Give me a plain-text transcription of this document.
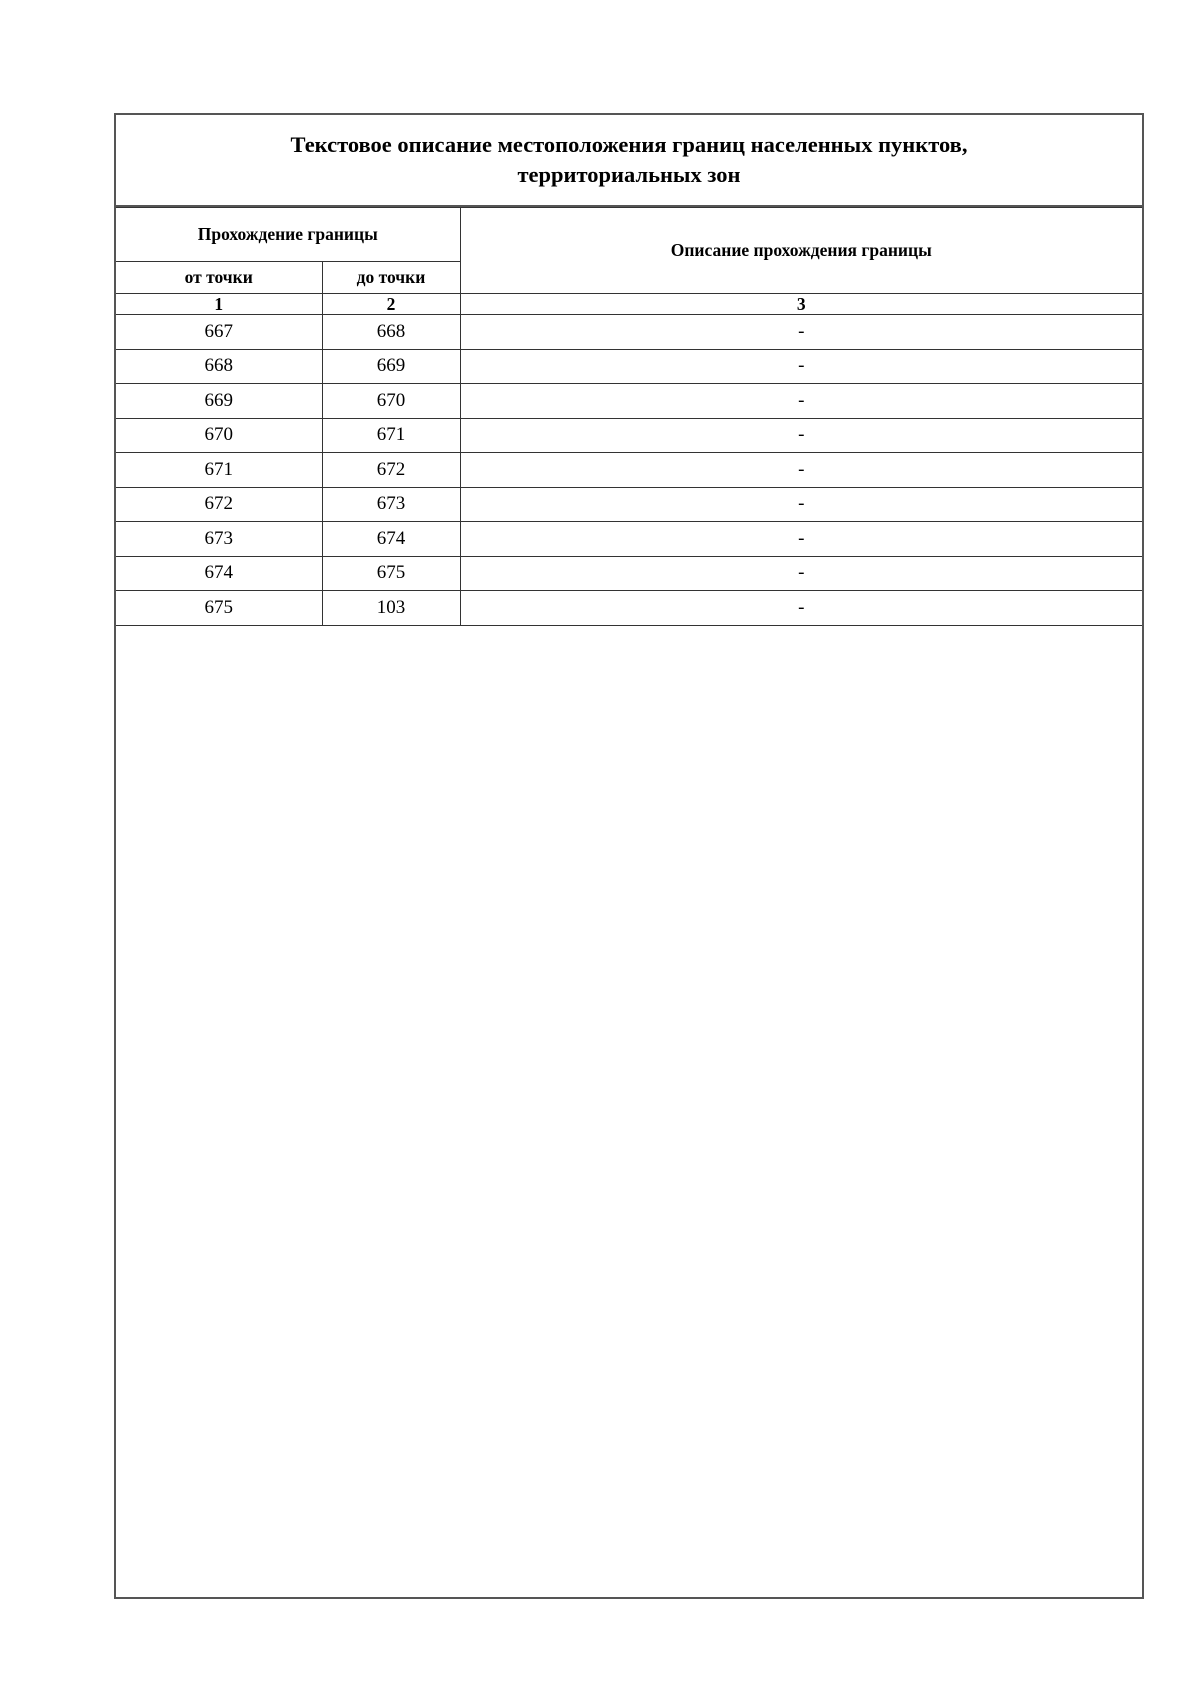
Текстовое описание местоположения границ населенных пунктов,
территориальных зон
Прохождение границы		Описание прохождения границы
от точки	до точки	
1	2	3
667	668	-
668	669	-
669	670	-
670	671	-
671	672	-
672	673	-
673	674	-
674	675	-
675	103	-
